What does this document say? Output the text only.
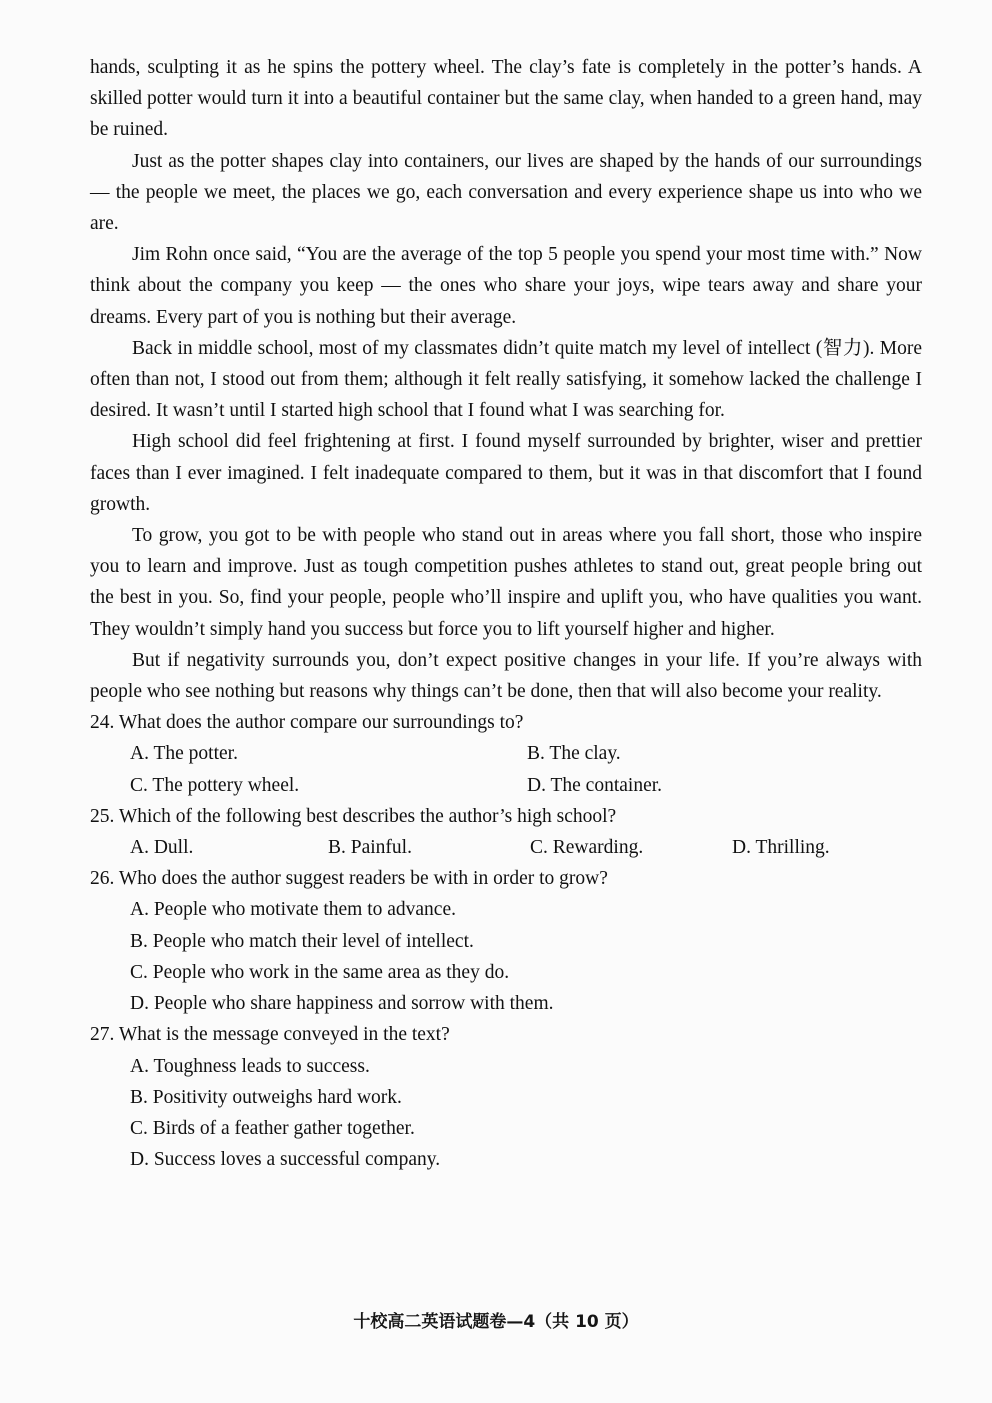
hands, sculpting it as he spins the pottery wheel. The clay’s fate is completely in the potter’s hands. A skilled potter would turn it into a beautiful container but the same clay, when handed to a green hand, may be ruined.

Just as the potter shapes clay into containers, our lives are shaped by the hands of our surroundings — the people we meet, the places we go, each conversation and every experience shape us into who we are.

Jim Rohn once said, “You are the average of the top 5 people you spend your most time with.” Now think about the company you keep — the ones who share your joys, wipe tears away and share your dreams. Every part of you is nothing but their average.

Back in middle school, most of my classmates didn’t quite match my level of intellect (智力). More often than not, I stood out from them; although it felt really satisfying, it somehow lacked the challenge I desired. It wasn’t until I started high school that I found what I was searching for.

High school did feel frightening at first. I found myself surrounded by brighter, wiser and prettier faces than I ever imagined. I felt inadequate compared to them, but it was in that discomfort that I found growth.

To grow, you got to be with people who stand out in areas where you fall short, those who inspire you to learn and improve. Just as tough competition pushes athletes to stand out, great people bring out the best in you. So, find your people, people who’ll inspire and uplift you, who have qualities you want. They wouldn’t simply hand you success but force you to lift yourself higher and higher.

But if negativity surrounds you, don’t expect positive changes in your life. If you’re always with people who see nothing but reasons why things can’t be done, then that will also become your reality.

24. What does the author compare our surroundings to?
A. The potter.	B. The clay.
C. The pottery wheel.	D. The container.
25. Which of the following best describes the author’s high school?
A. Dull.	B. Painful.	C. Rewarding.	D. Thrilling.
26. Who does the author suggest readers be with in order to grow?
A. People who motivate them to advance.
B. People who match their level of intellect.
C. People who work in the same area as they do.
D. People who share happiness and sorrow with them.
27. What is the message conveyed in the text?
A. Toughness leads to success.
B. Positivity outweighs hard work.
C. Birds of a feather gather together.
D. Success loves a successful company.
十校高二英语试题卷—4（共 10 页）
